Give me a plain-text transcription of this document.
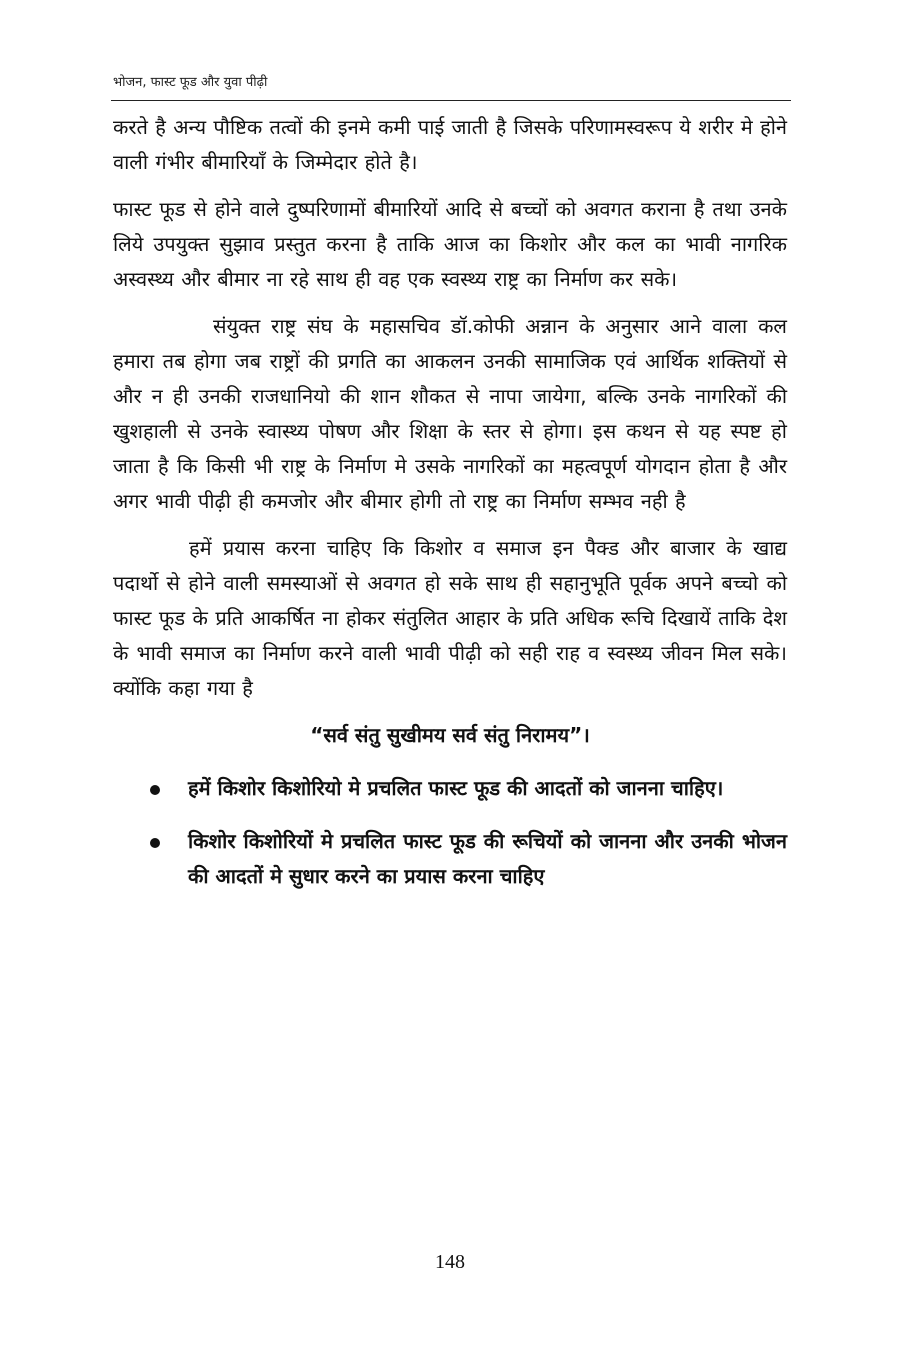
भोजन, फास्ट फूड और युवा पीढ़ी

करते है अन्य पौष्टिक तत्वों की इनमे कमी पाई जाती है जिसके परिणामस्वरूप ये शरीर मे होने वाली गंभीर बीमारियॉं के जिम्मेदार होते है।

फास्ट फूड से होने वाले दुष्परिणामों बीमारियों आदि से बच्चों को अवगत कराना है तथा उनके लिये उपयुक्त सुझाव प्रस्तुत करना है ताकि आज का किशोर और कल का भावी नागरिक अस्वस्थ्य और बीमार ना रहे साथ ही वह एक स्वस्थ्य राष्ट्र का निर्माण कर सके।

संयुक्त राष्ट्र संघ के महासचिव डॉ.कोफी अन्नान के अनुसार आने वाला कल हमारा तब होगा जब राष्ट्रों की प्रगति का आकलन उनकी सामाजिक एवं आर्थिक शक्तियों से और न ही उनकी राजधानियो की शान शौकत से नापा जायेगा, बल्कि उनके नागरिकों की खुशहाली से उनके स्वास्थ्य पोषण और शिक्षा के स्तर से होगा। इस कथन से यह स्पष्ट हो जाता है कि किसी भी राष्ट्र के निर्माण मे उसके नागरिकों का महत्वपूर्ण योगदान होता है और अगर भावी पीढ़ी ही कमजोर और बीमार होगी तो राष्ट्र का निर्माण सम्भव नही है

हमें प्रयास करना चाहिए कि किशोर व समाज इन पैक्ड और बाजार के खाद्य पदार्थो से होने वाली समस्याओं से अवगत हो सके साथ ही सहानुभूति पूर्वक अपने बच्चो को फास्ट फूड के प्रति आकर्षित ना होकर संतुलित आहार के प्रति अधिक रूचि दिखायें ताकि देश के भावी समाज का निर्माण करने वाली भावी पीढ़ी को सही राह व स्वस्थ्य जीवन मिल सके। क्योंकि कहा गया है

“सर्व संतु सुखीमय सर्व संतु निरामय”।
हमें किशोर किशोरियो मे प्रचलित फास्ट फूड की आदतों को जानना चाहिए।
किशोर किशोरियों मे प्रचलित फास्ट फूड की रूचियों को जानना और उनकी भोजन की आदतों मे सुधार करने का प्रयास करना चाहिए
148
